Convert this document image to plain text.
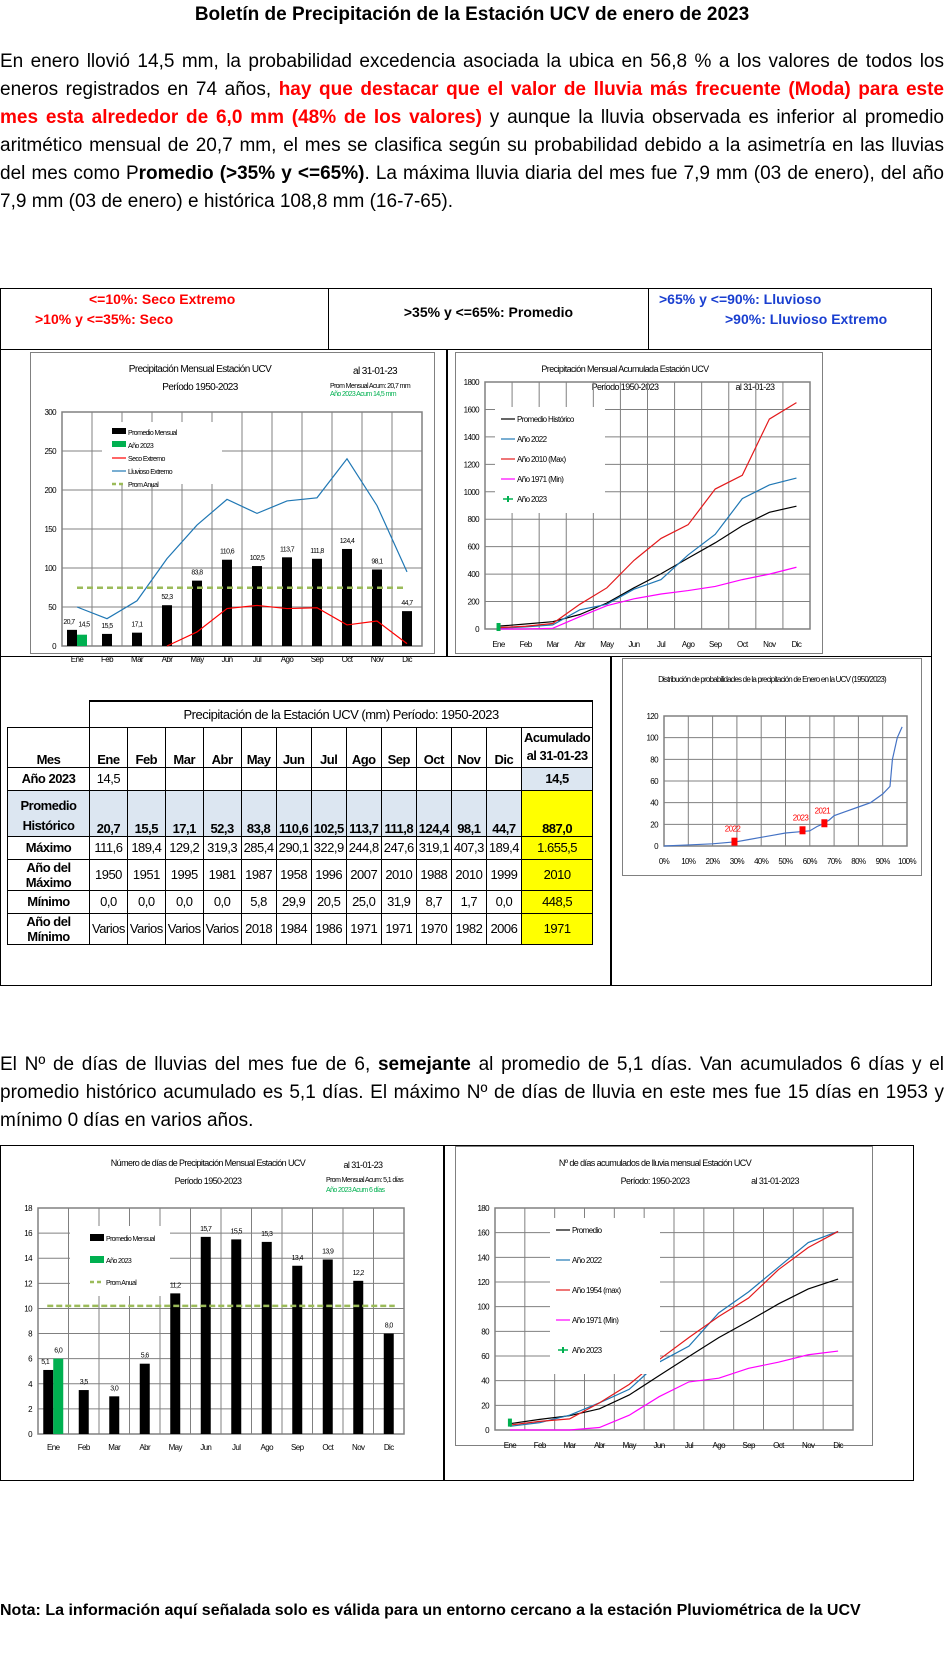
Boletín de Precipitación de la Estación UCV de enero de 2023
En enero llovió 14,5 mm, la probabilidad excedencia asociada la ubica en 56,8 % a los valores de todos los eneros registrados en 74 años, hay que destacar que el valor de lluvia más frecuente (Moda) para este mes esta alrededor de 6,0 mm (48% de los valores) y aunque la lluvia observada es inferior al promedio aritmético mensual de 20,7 mm, el mes se clasifica según su probabilidad debido a la asimetría en las lluvias del mes como Promedio (>35% y <=65%). La máxima lluvia diaria del mes fue 7,9 mm (03 de enero), del año 7,9 mm (03 de enero) e histórica 108,8 mm (16-7-65).
<=10%: Seco Extremo
>10% y <=35%: Seco	>35% y <=65%: Promedio
>65% y <=90%: Lluvioso
>90%: Lluvioso Extremo
Precipitación Mensual Estación UCV
Período 1950-2023
al 31-01-23
Prom Mensual Acum: 20,7 mm
Año 2023 Acum 14,5 mm
0
50
100
150
200
250
300
20,7
15,5	17,1
52,3
83,8
110,6
102,5
113,7 111,8
124,4
98,1
44,7
14,5
Ene Feb Mar Abr May Jun	Jul Ago Sep Oct Nov Dic
Promedio Mensual
Año 2023
Seco Extremo
Lluvioso Extremo
Prom Anual
Precipitación Mensual Acumulada Estación UCV
Período 1950-2023	al 31-01-23
0
200
400
600
800
1000
1200
1400
1600
1800
Ene Feb Mar Abr May Jun Jul Ago Sep Oct Nov Dic
Promedio Histórico
Año 2022
Año 2010 (Max)
Año 1971 (Min)
Año 2023
	Precipitación de la Estación UCV (mm) Período: 1950-2023												
Mes	Ene	Feb	Mar	Abr	May	Jun	Jul	Ago	Sep	Oct	Nov	Dic	Acumulado al 31-01-23
Año 2023	14,5												14,5
Promedio Histórico	20,7	15,5	17,1	52,3	83,8	110,6	102,5	113,7	111,8	124,4	98,1	44,7	887,0
Máximo	111,6	189,4	129,2	319,3	285,4	290,1	322,9	244,8	247,6	319,1	407,3	189,4	1.655,5
Año del Máximo	1950	1951	1995	1981	1987	1958	1996	2007	2010	1988	2010	1999	2010
Mínimo	0,0	0,0	0,0	0,0	5,8	29,9	20,5	25,0	31,9	8,7	1,7	0,0	448,5
Año del Mínimo	Varios	Varios	Varios	Varios	2018	1984	1986	1971	1971	1970	1982	2006	1971
Distribución de probabilidades de la precipitación de Enero en la UCV (1950/2023)
0
20
40
60
80
100
120
2022
2023
2021
0% 10% 20% 30% 40% 50% 60% 70% 80% 90% 100%
El Nº de días de lluvias del mes fue de 6, semejante al promedio de 5,1 días. Van acumulados 6 días y el promedio histórico acumulado es 5,1 días. El máximo Nº de días de lluvia en este mes fue 15 días en 1953 y mínimo 0 días en varios años.
Número de días de Precipitación Mensual Estación UCV
Período 1950-2023
al 31-01-23
Prom Mensual Acum: 5,1 días
Año 2023 Acum 6 días
0
2
4
6
8
10
12
14
16
18
5,1
3,5
3,0
5,6
11,2
15,7	15,5	15,3
13,4
13,9
12,2
8,0
6,0
Ene Feb Mar Abr May Jun	Jul	Ago Sep Oct Nov Dic
Promedio Mensual
Año 2023
Prom Anual
Nº de días acumulados de lluvia mensual Estación UCV
Período: 1950-2023	al 31-01-2023
0
20
40
60
80
100
120
140
160
180
Ene Feb Mar Abr May Jun	Jul Ago Sep Oct Nov Dic
Promedio
Año 2022
Año 1954 (max)
Año 1971 (Min)
Año 2023
Nota: La información aquí señalada solo es válida para un entorno cercano a la estación Pluviométrica de la UCV
